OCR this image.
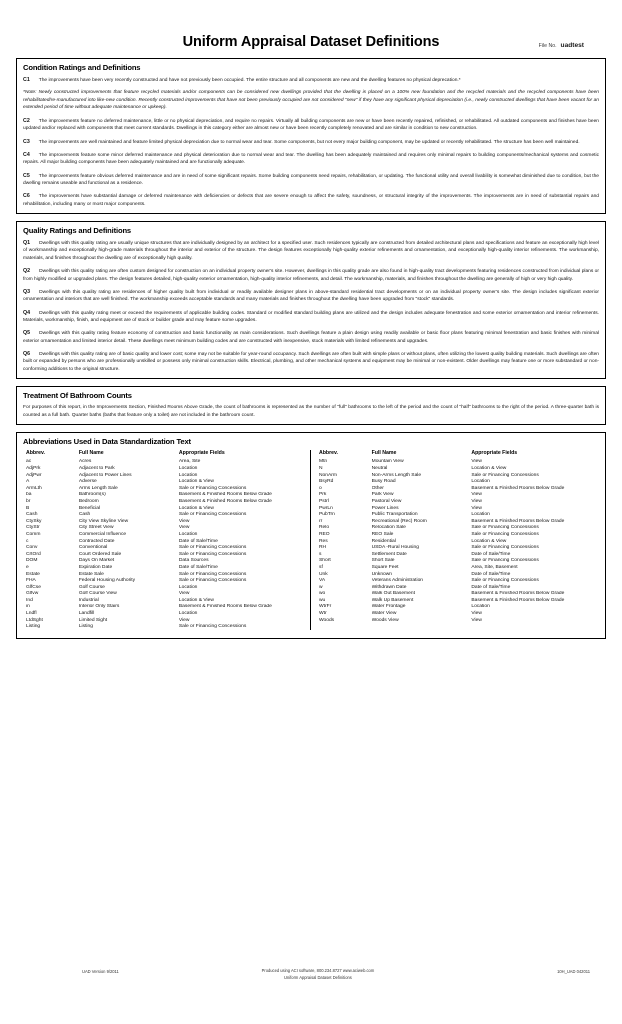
Uniform Appraisal Dataset Definitions	File No. uadtest
Condition Ratings and Definitions

C1 The improvements have been very recently constructed and have not previously been occupied. The entire structure and all components are new and the dwelling features no physical deprecation.*

*Note: Newly constructed improvements that feature recycled materials and/or components can be considered new dwellings provided that the dwelling is placed on a 100% new foundation and the recycled materials and the recycled components have been rehabilitated/re-manufactured into like-new condition. Recently constructed improvements that have not been previously occupied are not considered "new" if they have any significant physical depreciation (i.e., newly constructed dwellings that have been vacant for an extended period of time without adequate maintenance or upkeep).

C2 The improvements feature no deferred maintenance, little or no physical depreciation, and require no repairs. Virtually all building components are new or have been recently repaired, refinished, or rehabilitated. All outdated components and finishes have been updated and/or replaced with components that meet current standards. Dwellings in this category either are almost new or have been recently completely renovated and are similar in condition to new construction.

C3 The improvements are well maintained and feature limited physical depreciation due to normal wear and tear. Some components, but not every major building component, may be updated or recently rehabilitated. The structure has been well maintained.

C4 The improvements feature some minor deferred maintenance and physical deterioration due to normal wear and tear. The dwelling has been adequately maintained and requires only minimal repairs to building components/mechanical systems and cosmetic repairs. All major building components have been adequately maintained and are functionally adequate.

C5 The improvements feature obvious deferred maintenance and are in need of some significant repairs. Some building components need repairs, rehabilitation, or updating. The functional utility and overall livability is somewhat diminished due to condition, but the dwelling remains useable and functional as a residence.

C6 The improvements have substantial damage or deferred maintenance with deficiencies or defects that are severe enough to affect the safety, soundness, or structural integrity of the improvements. The improvements are in need of substantial repairs and rehabilitation, including many or most major components.

Quality Ratings and Definitions

Q1 Dwellings with this quality rating are usually unique structures that are individually designed by an architect for a specified user. Such residences typically are constructed from detailed architectural plans and specifications and feature an exceptionally high level of workmanship and exceptionally high-grade materials throughout the interior and exterior of the structure. The design features exceptionally high-quality exterior refinements and ornamentation, and exceptionally high-quality interior refinements. The workmanship, materials, and finishes throughout the dwelling are of exceptionally high quality.

Q2 Dwellings with this quality rating are often custom designed for construction on an individual property owner's site. However, dwellings in this quality grade are also found in high-quality tract developments featuring residences constructed from individual plans or from highly modified or upgraded plans. The design features detailed, high-quality exterior ornamentation, high-quality interior refinements, and detail. The workmanship, materials, and finishes throughout the dwelling are generally of high or very high quality.

Q3 Dwellings with this quality rating are residences of higher quality built from individual or readily available designer plans in above-standard residential tract developments or on an individual property owner's site. The design includes significant exterior ornamentation and interiors that are well finished. The workmanship exceeds acceptable standards and many materials and finishes throughout the dwelling have been upgraded from "stock" standards.

Q4 Dwellings with this quality rating meet or exceed the requirements of applicable building codes. Standard or modified standard building plans are utilized and the design includes adequate fenestration and some exterior ornamentation and interior refinements. Materials, workmanship, finish, and equipment are of stock or builder grade and may feature some upgrades.

Q5 Dwellings with this quality rating feature economy of construction and basic functionality as main considerations. Such dwellings feature a plain design using readily available or basic floor plans featuring minimal fenestration and basic finishes with minimal exterior ornamentation and limited interior detail. These dwellings meet minimum building codes and are constructed with inexpensive, stock materials with limited refinements and upgrades.

Q6 Dwellings with this quality rating are of basic quality and lower cost; some may not be suitable for year-round occupancy. Such dwellings are often built with simple plans or without plans, often utilizing the lowest quality building materials. Such dwellings are often built or expanded by persons who are professionally unskilled or possess only minimal construction skills. Electrical, plumbing, and other mechanical systems and equipment may be minimal or non-existent. Older dwellings may feature one or more substandard or non-conforming additions to the original structure.

Treatment Of Bathroom Counts

For purposes of this report, in the Improvements Section, Finished Rooms Above Grade, the count of bathrooms is represented as the number of "full" bathrooms to the left of the period and the count of "half" bathrooms to the right of the period. A three-quarter bath is counted as a full bath. Quarter baths (baths that feature only a toilet) are not included in the bathroom count.

Abbreviations Used in Data Standardization Text
Abbrev.	Full Name	Appropriate Fields
ac	Acres	Area, Site
AdjPrk	Adjacent to Park	Location
AdjPwr	Adjacent to Power Lines	Location
A	Adverse	Location & View
ArmLth	Arms Length Sale	Sale or Financing Concessions
ba	Bathroom(s)	Basement & Finished Rooms Below Grade
br	Bedroom	Basement & Finished Rooms Below Grade
B	Beneficial	Location & View
Cash	Cash	Sale or Financing Concessions
CtySky	City View Skyline View	View
CtyStr	City Street View	View
Comm	Commercial Influence	Location
c	Contracted Date	Date of Sale/Time
Conv	Conventional	Sale or Financing Concessions
CrtOrd	Court Ordered Sale	Sale or Financing Concessions
DOM	Days On Market	Data Sources
e	Expiration Date	Date of Sale/Time
Estate	Estate Sale	Sale or Financing Concessions
FHA	Federal Housing Authority	Sale or Financing Concessions
GlfCse	Golf Course	Location
Glfvw	Golf Course View	View
Ind	Industrial	Location & View
in	Interior Only Stairs	Basement & Finished Rooms Below Grade
Lndfl	Landfill	Location
LtdSght	Limited Sight	View
Listing	Listing	Sale or Financing Concessions
Abbrev.	Full Name	Appropriate Fields
Mtn	Mountain View	View
N	Neutral	Location & View
NonArm	Non-Arms Length Sale	Sale or Financing Concessions
BsyRd	Busy Road	Location
o	Other	Basement & Finished Rooms Below Grade
Prk	Park View	View
Pstrl	Pastoral View	View
PwrLn	Power Lines	View
PubTrn	Public Transportation	Location
rr	Recreational (Rec) Room	Basement & Finished Rooms Below Grade
Relo	Relocation Sale	Sale or Financing Concessions
REO	REO Sale	Sale or Financing Concessions
Res	Residential	Location & View
RH	USDA -Rural Housing	Sale or Financing Concessions
s	Settlement Date	Date of Sale/Time
Short	Short Sale	Sale or Financing Concessions
sf	Square Feet	Area, Site, Basement
Unk	Unknown	Date of Sale/Time
VA	Veterans Administration	Sale or Financing Concessions
w	Withdrawn Date	Date of Sale/Time
wo	Walk Out Basement	Basement & Finished Rooms Below Grade
wu	Walk Up Basement	Basement & Finished Rooms Below Grade
WtrFr	Water Frontage	Location
Wtr	Water View	View
Woods	Woods View	View
UAD Version 9/2011	Produced using ACI software, 800.234.8727 www.aciweb.com
Uniform Appraisal Dataset Definitions
10H_UAD 042011
